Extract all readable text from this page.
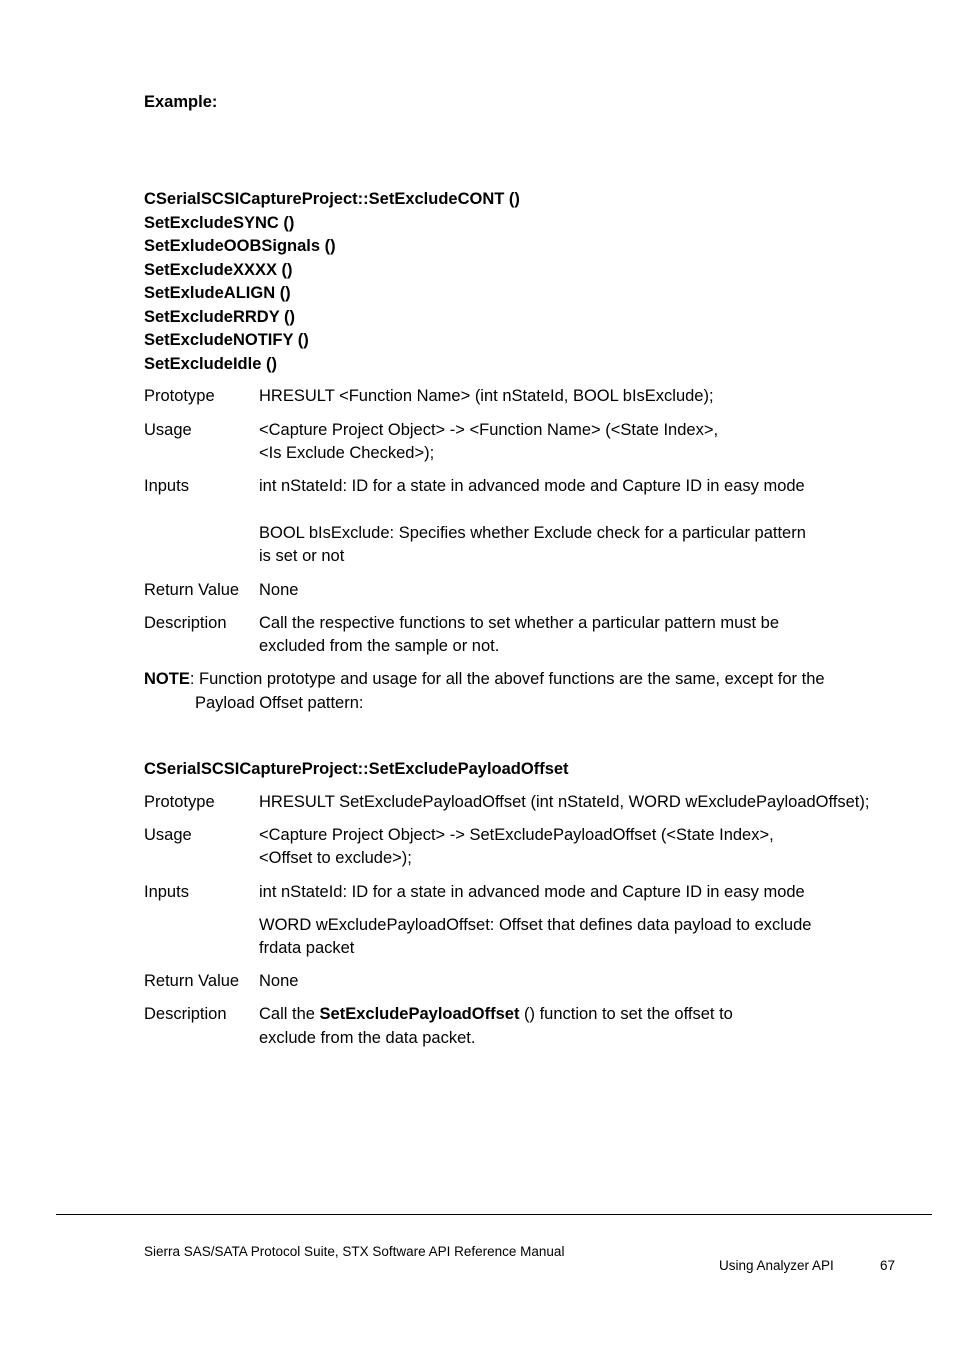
Example:
CSerialSCSICaptureProject::SetExcludeCONT ()
SetExcludeSYNC ()
SetExludeOOBSignals ()
SetExcludeXXXX ()
SetExludeALIGN ()
SetExcludeRRDY ()
SetExcludeNOTIFY ()
SetExcludeIdle ()
Prototype	HRESULT <Function Name> (int nStateId, BOOL bIsExclude);
Usage	<Capture Project Object> -> <Function Name> (<State Index>,
<Is Exclude Checked>);
Inputs	int nStateId: ID for a state in advanced mode and Capture ID in easy mode
BOOL bIsExclude: Specifies whether Exclude check for a particular pattern
is set or not
Return Value None
Description Call the respective functions to set whether a particular pattern must be
excluded from the sample or not.
NOTE: Function prototype and usage for all the abovef functions are the same, except for the
Payload Offset pattern:
CSerialSCSICaptureProject::SetExcludePayloadOffset
Prototype	HRESULT SetExcludePayloadOffset (int nStateId, WORD wExcludePayloadOffset);
Usage	<Capture Project Object> -> SetExcludePayloadOffset (<State Index>,
<Offset to exclude>);
Inputs	int nStateId: ID for a state in advanced mode and Capture ID in easy mode
WORD wExcludePayloadOffset: Offset that defines data payload to exclude
frdata packet
Return Value None
Description Call the SetExcludePayloadOffset () function to set the offset to
exclude from the data packet.
Sierra SAS/SATA Protocol Suite, STX Software API Reference Manual
Using Analyzer API	67
